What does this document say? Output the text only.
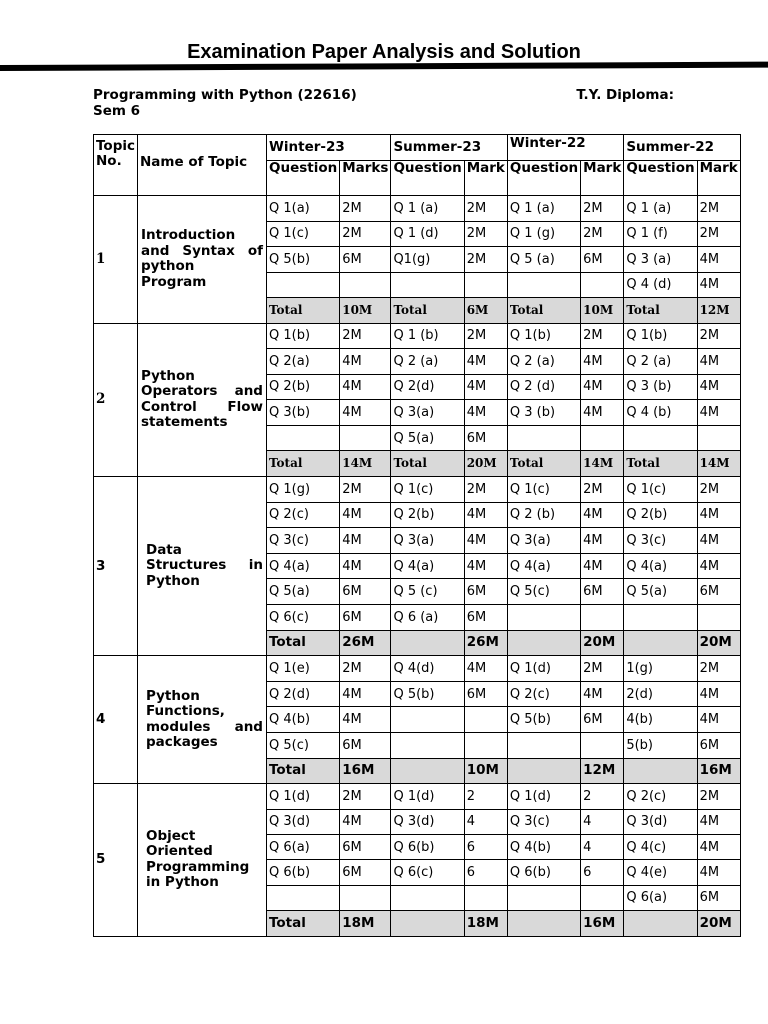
Examination Paper Analysis and Solution
Programming with Python (22616)	T.Y. Diploma:
Sem 6
Topic No.	Name of Topic	Winter-23		Summer-23		Winter-22		Summer-22	
		Question	Marks	Question	Mark	Question	Mark	Question	Mark
1	Introduction and Syntax of python Program	Q 1(a)	2M	Q 1 (a)	2M	Q 1 (a)	2M	Q 1 (a)	2M
		Q 1(c)	2M	Q 1 (d)	2M	Q 1 (g)	2M	Q 1 (f)	2M
		Q 5(b)	6M	Q1(g)	2M	Q 5 (a)	6M	Q 3 (a)	4M
								Q 4 (d)	4M
		Total	10M	Total	6M	Total	10M	Total	12M
2	Python Operators and Control Flow statements	Q 1(b)	2M	Q 1 (b)	2M	Q 1(b)	2M	Q 1(b)	2M
		Q 2(a)	4M	Q 2 (a)	4M	Q 2 (a)	4M	Q 2 (a)	4M
		Q 2(b)	4M	Q 2(d)	4M	Q 2 (d)	4M	Q 3 (b)	4M
		Q 3(b)	4M	Q 3(a)	4M	Q 3 (b)	4M	Q 4 (b)	4M
				Q 5(a)	6M				
		Total	14M	Total	20M	Total	14M	Total	14M
3	Data Structures in Python	Q 1(g)	2M	Q 1(c)	2M	Q 1(c)	2M	Q 1(c)	2M
		Q 2(c)	4M	Q 2(b)	4M	Q 2 (b)	4M	Q 2(b)	4M
		Q 3(c)	4M	Q 3(a)	4M	Q 3(a)	4M	Q 3(c)	4M
		Q 4(a)	4M	Q 4(a)	4M	Q 4(a)	4M	Q 4(a)	4M
		Q 5(a)	6M	Q 5 (c)	6M	Q 5(c)	6M	Q 5(a)	6M
		Q 6(c)	6M	Q 6 (a)	6M				
		Total	26M		26M		20M		20M
4	Python Functions, modules and packages	Q 1(e)	2M	Q 4(d)	4M	Q 1(d)	2M	1(g)	2M
		Q 2(d)	4M	Q 5(b)	6M	Q 2(c)	4M	2(d)	4M
		Q 4(b)	4M			Q 5(b)	6M	4(b)	4M
		Q 5(c)	6M					5(b)	6M
		Total	16M		10M		12M		16M
5	Object Oriented Programming in Python	Q 1(d)	2M	Q 1(d)	2	Q 1(d)	2	Q 2(c)	2M
		Q 3(d)	4M	Q 3(d)	4	Q 3(c)	4	Q 3(d)	4M
		Q 6(a)	6M	Q 6(b)	6	Q 4(b)	4	Q 4(c)	4M
		Q 6(b)	6M	Q 6(c)	6	Q 6(b)	6	Q 4(e)	4M
								Q 6(a)	6M
		Total	18M		18M		16M		20M
